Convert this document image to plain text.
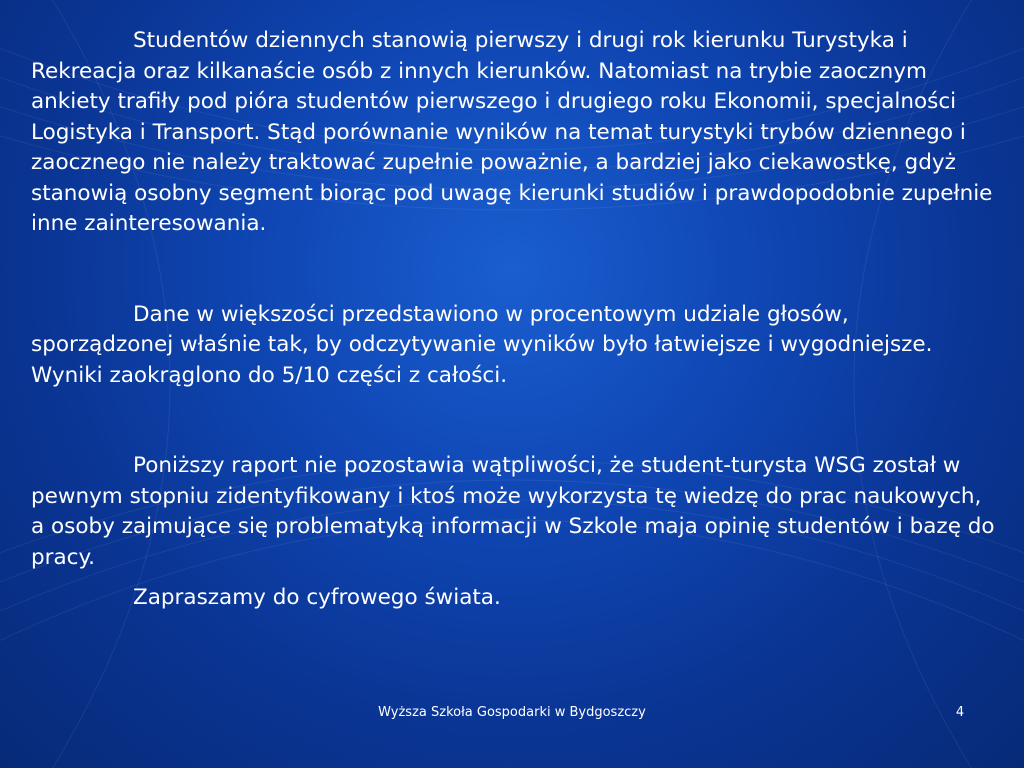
Studentów dziennych stanowią pierwszy i drugi rok kierunku Turystyka i Rekreacja oraz kilkanaście osób z innych kierunków. Natomiast na trybie zaocznym ankiety trafiły pod pióra studentów pierwszego i drugiego roku Ekonomii, specjalności Logistyka i Transport. Stąd porównanie wyników na temat turystyki trybów dziennego i zaocznego nie należy traktować zupełnie poważnie, a bardziej jako ciekawostkę, gdyż stanowią osobny segment biorąc pod uwagę kierunki studiów i prawdopodobnie zupełnie inne zainteresowania.

Dane w większości przedstawiono w procentowym udziale głosów, sporządzonej właśnie tak, by odczytywanie wyników było łatwiejsze i wygodniejsze. Wyniki zaokrąglono do 5/10 części z całości.

Poniższy raport nie pozostawia wątpliwości, że student-turysta WSG został w pewnym stopniu zidentyfikowany i ktoś może wykorzysta tę wiedzę do prac naukowych, a osoby zajmujące się problematyką informacji w Szkole maja opinię studentów i bazę do pracy.

Zapraszamy do cyfrowego świata.

Wyższa Szkoła Gospodarki w Bydgoszczy	4
